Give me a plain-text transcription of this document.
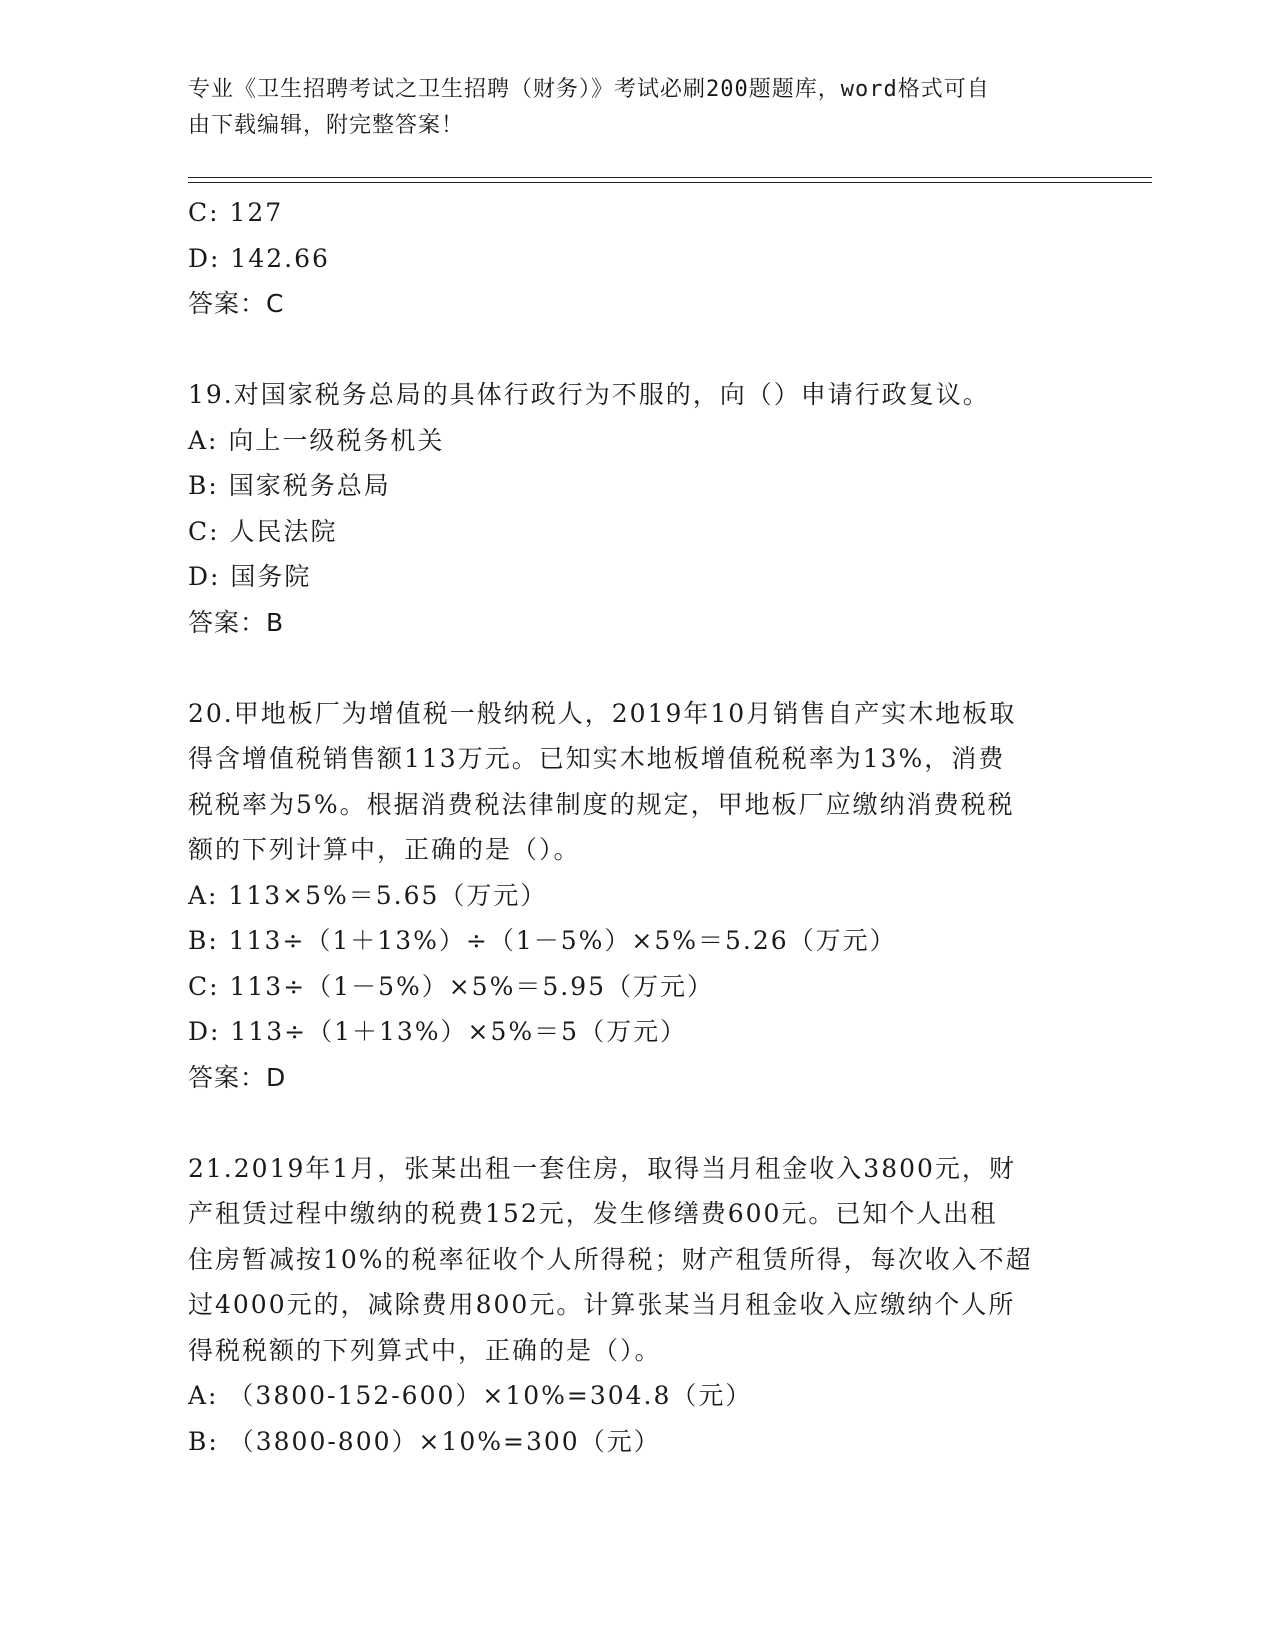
专业《卫生招聘考试之卫生招聘（财务）》考试必刷200题题库，word格式可自
由下载编辑，附完整答案！
C: 127
D: 142.66
答案：C
19.对国家税务总局的具体行政行为不服的，向（）申请行政复议。
A: 向上一级税务机关
B: 国家税务总局
C: 人民法院
D: 国务院
答案：B
20.甲地板厂为增值税一般纳税人，2019年10月销售自产实木地板取
得含增值税销售额113万元。已知实木地板增值税税率为13%，消费
税税率为5%。根据消费税法律制度的规定，甲地板厂应缴纳消费税税
额的下列计算中，正确的是（）。
A: 113×5%＝5.65（万元）
B: 113÷（1＋13%）÷（1－5%）×5%＝5.26（万元）
C: 113÷（1－5%）×5%＝5.95（万元）
D: 113÷（1＋13%）×5%＝5（万元）
答案：D
21.2019年1月，张某出租一套住房，取得当月租金收入3800元，财
产租赁过程中缴纳的税费152元，发生修缮费600元。已知个人出租
住房暂减按10%的税率征收个人所得税；财产租赁所得，每次收入不超
过4000元的，减除费用800元。计算张某当月租金收入应缴纳个人所
得税税额的下列算式中，正确的是（）。
A: （3800-152-600）×10%=304.8（元）
B: （3800-800）×10%=300（元）
